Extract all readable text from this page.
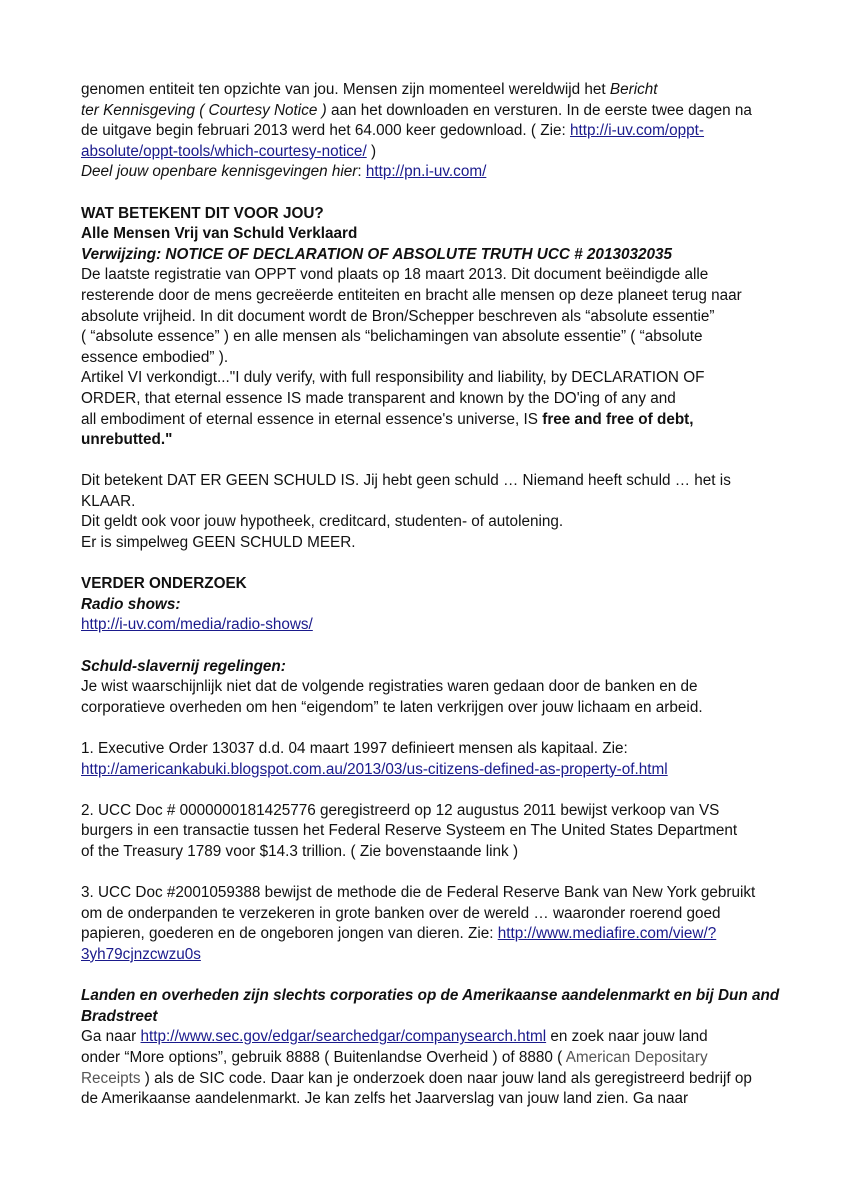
genomen entiteit ten opzichte van jou. Mensen zijn momenteel wereldwijd het Bericht

ter Kennisgeving ( Courtesy Notice ) aan het downloaden en versturen. In de eerste twee dagen na

de uitgave begin februari 2013 werd het 64.000 keer gedownload. ( Zie: http://i-uv.com/oppt-

absolute/oppt-tools/which-courtesy-notice/ )

Deel jouw openbare kennisgevingen hier: http://pn.i-uv.com/

WAT BETEKENT DIT VOOR JOU?

Alle Mensen Vrij van Schuld Verklaard

Verwijzing: NOTICE OF DECLARATION OF ABSOLUTE TRUTH UCC # 2013032035

De laatste registratie van OPPT vond plaats op 18 maart 2013. Dit document beëindigde alle

resterende door de mens gecreëerde entiteiten en bracht alle mensen op deze planeet terug naar

absolute vrijheid. In dit document wordt de Bron/Schepper beschreven als “absolute essentie”

( “absolute essence” ) en alle mensen als “belichamingen van absolute essentie” ( “absolute

essence embodied” ).

Artikel VI verkondigt..."I duly verify, with full responsibility and liability, by DECLARATION OF

ORDER, that eternal essence IS made transparent and known by the DO'ing of any and

all embodiment of eternal essence in eternal essence's universe, IS free and free of debt,

unrebutted."

Dit betekent DAT ER GEEN SCHULD IS. Jij hebt geen schuld … Niemand heeft schuld … het is KLAAR.

Dit geldt ook voor jouw hypotheek, creditcard, studenten- of autolening.

Er is simpelweg GEEN SCHULD MEER.

VERDER ONDERZOEK

Radio shows:

http://i-uv.com/media/radio-shows/

Schuld-slavernij regelingen:

Je wist waarschijnlijk niet dat de volgende registraties waren gedaan door de banken en de

corporatieve overheden om hen “eigendom” te laten verkrijgen over jouw lichaam en arbeid.

1. Executive Order 13037 d.d. 04 maart 1997 definieert mensen als kapitaal. Zie:

http://americankabuki.blogspot.com.au/2013/03/us-citizens-defined-as-property-of.html

2. UCC Doc # 0000000181425776 geregistreerd op 12 augustus 2011 bewijst verkoop van VS

burgers in een transactie tussen het Federal Reserve Systeem en The United States Department

of the Treasury 1789 voor $14.3 trillion. ( Zie bovenstaande link )

3. UCC Doc #2001059388 bewijst de methode die de Federal Reserve Bank van New York gebruikt

om de onderpanden te verzekeren in grote banken over de wereld … waaronder roerend goed

papieren, goederen en de ongeboren jongen van dieren. Zie: http://www.mediafire.com/view/?

3yh79cjnzcwzu0s

Landen en overheden zijn slechts corporaties op de Amerikaanse aandelenmarkt en bij Dun and

Bradstreet

Ga naar http://www.sec.gov/edgar/searchedgar/companysearch.html en zoek naar jouw land

onder “More options”, gebruik 8888 ( Buitenlandse Overheid ) of 8880 ( American Depositary

Receipts ) als de SIC code. Daar kan je onderzoek doen naar jouw land als geregistreerd bedrijf op

de Amerikaanse aandelenmarkt. Je kan zelfs het Jaarverslag van jouw land zien. Ga naar
